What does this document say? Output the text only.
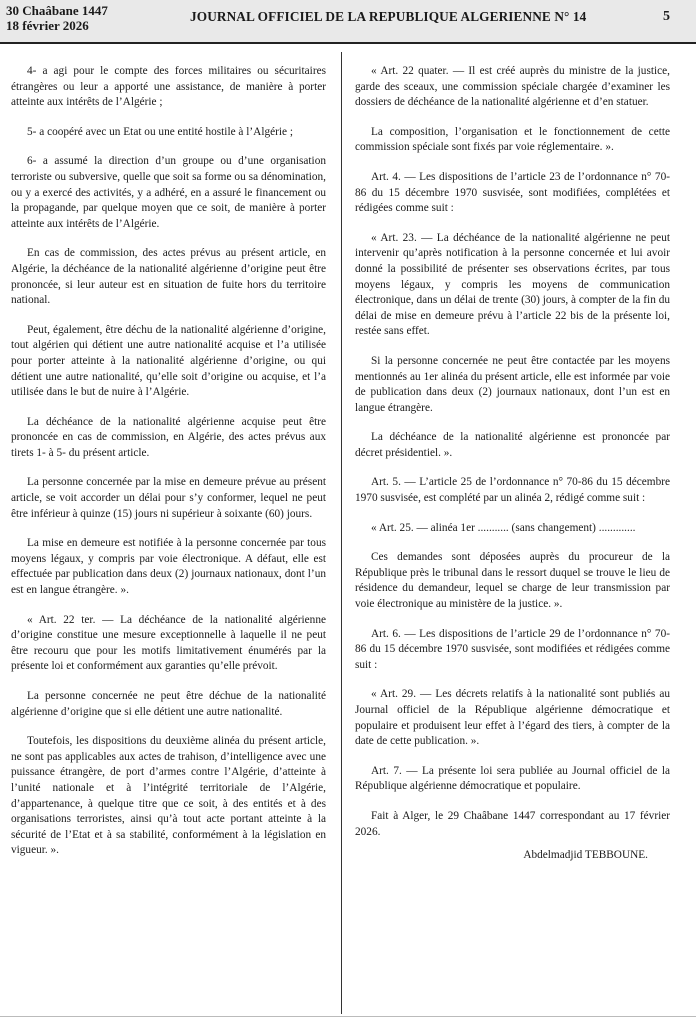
30 Chaâbane 1447
18 février 2026
JOURNAL OFFICIEL DE LA REPUBLIQUE ALGERIENNE N° 14	5

4- a agi pour le compte des forces militaires ou sécuritaires étrangères ou leur a apporté une assistance, de manière à porter atteinte aux intérêts de l’Algérie ;

5- a coopéré avec un Etat ou une entité hostile à l’Algérie ;

6- a assumé la direction d’un groupe ou d’une organisation terroriste ou subversive, quelle que soit sa forme ou sa dénomination, ou y a exercé des activités, y a adhéré, en a assuré le financement ou la propagande, par quelque moyen que ce soit, de manière à porter atteinte aux intérêts de l’Algérie.

En cas de commission, des actes prévus au présent article, en Algérie, la déchéance de la nationalité algérienne d’origine peut être prononcée, si leur auteur est en situation de fuite hors du territoire national.

Peut, également, être déchu de la nationalité algérienne d’origine, tout algérien qui détient une autre nationalité acquise et l’a utilisée pour porter atteinte à la nationalité algérienne d’origine, ou qui détient une autre nationalité, qu’elle soit d’origine ou acquise, et l’a utilisée dans le but de nuire à l’Algérie.

La déchéance de la nationalité algérienne acquise peut être prononcée en cas de commission, en Algérie, des actes prévus aux tirets 1- à 5- du présent article.

La personne concernée par la mise en demeure prévue au présent article, se voit accorder un délai pour s’y conformer, lequel ne peut être inférieur à quinze (15) jours ni supérieur à soixante (60) jours.

La mise en demeure est notifiée à la personne concernée par tous moyens légaux, y compris par voie électronique. A défaut, elle est effectuée par publication dans deux (2) journaux nationaux, dont l’un est en langue étrangère. ».

« Art. 22 ter. — La déchéance de la nationalité algérienne d’origine constitue une mesure exceptionnelle à laquelle il ne peut être recouru que pour les motifs limitativement énumérés par la présente loi et conformément aux garanties qu’elle prévoit.

La personne concernée ne peut être déchue de la nationalité algérienne d’origine que si elle détient une autre nationalité.

Toutefois, les dispositions du deuxième alinéa du présent article, ne sont pas applicables aux actes de trahison, d’intelligence avec une puissance étrangère, de port d’armes contre l’Algérie, d’atteinte à l’unité nationale et à l’intégrité territoriale de l’Algérie, d’appartenance, à quelque titre que ce soit, à des entités et à des organisations terroristes, ainsi qu’à tout acte portant atteinte à la sécurité de l’Etat et à sa stabilité, conformément à la législation en vigueur. ».

« Art. 22 quater. — Il est créé auprès du ministre de la justice, garde des sceaux, une commission spéciale chargée d’examiner les dossiers de déchéance de la nationalité algérienne et d’en statuer.

La composition, l’organisation et le fonctionnement de cette commission spéciale sont fixés par voie réglementaire. ».

Art. 4. — Les dispositions de l’article 23 de l’ordonnance n° 70-86 du 15 décembre 1970 susvisée, sont modifiées, complétées et rédigées comme suit :

« Art. 23. — La déchéance de la nationalité algérienne ne peut intervenir qu’après notification à la personne concernée et lui avoir donné la possibilité de présenter ses observations écrites, par tous moyens légaux, y compris les moyens de communication électronique, dans un délai de trente (30) jours, à compter de la fin du délai de mise en demeure prévu à l’article 22 bis de la présente loi, restée sans effet.

Si la personne concernée ne peut être contactée par les moyens mentionnés au 1er alinéa du présent article, elle est informée par voie de publication dans deux (2) journaux nationaux, dont l’un est en langue étrangère.

La déchéance de la nationalité algérienne est prononcée par décret présidentiel. ».

Art. 5. — L’article 25 de l’ordonnance n° 70-86 du 15 décembre 1970 susvisée, est complété par un alinéa 2, rédigé comme suit :

« Art. 25. — alinéa 1er ........... (sans changement) .............

Ces demandes sont déposées auprès du procureur de la République près le tribunal dans le ressort duquel se trouve le lieu de résidence du demandeur, lequel se charge de leur transmission par voie électronique au ministère de la justice. ».

Art. 6. — Les dispositions de l’article 29 de l’ordonnance n° 70-86 du 15 décembre 1970 susvisée, sont modifiées et rédigées comme suit :

« Art. 29. — Les décrets relatifs à la nationalité sont publiés au Journal officiel de la République algérienne démocratique et populaire et produisent leur effet à l’égard des tiers, à compter de la date de cette publication. ».

Art. 7. — La présente loi sera publiée au Journal officiel de la République algérienne démocratique et populaire.

Fait à Alger, le 29 Chaâbane 1447 correspondant au 17 février 2026.

Abdelmadjid TEBBOUNE.
